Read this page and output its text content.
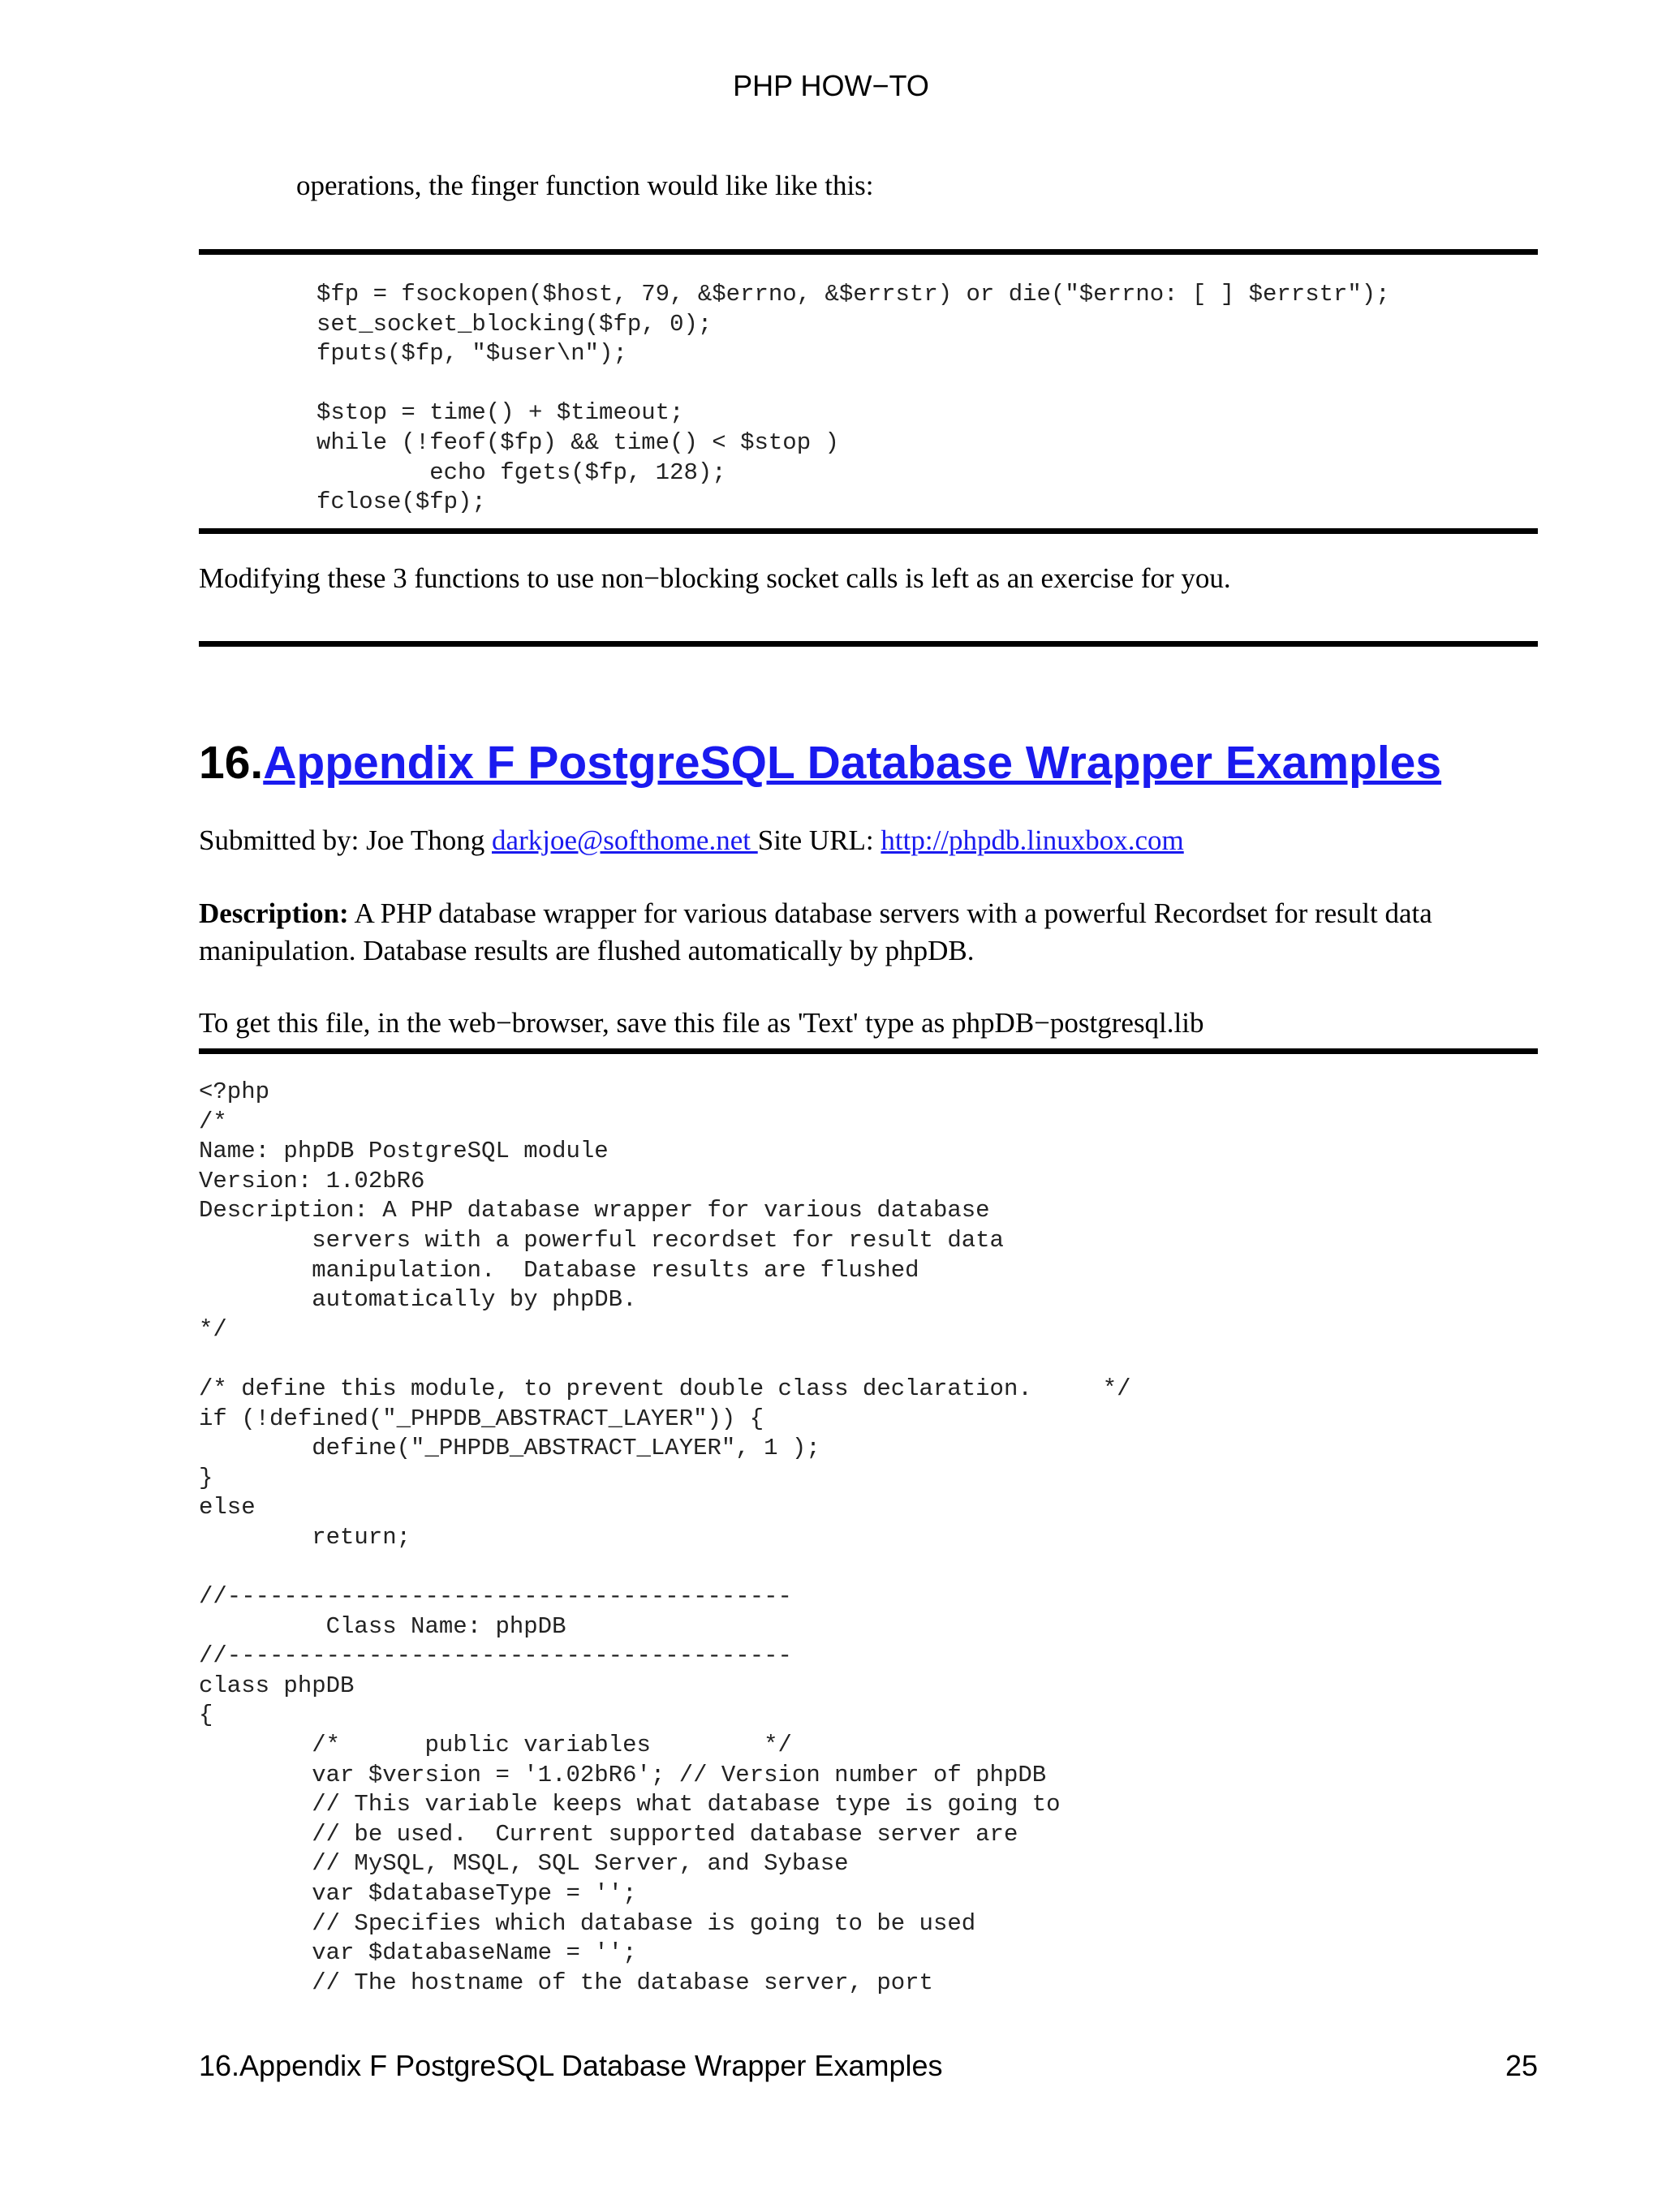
PHP HOW−TO
operations, the finger function would like like this:
$fp = fsockopen($host, 79, &$errno, &$errstr) or die("$errno: [ ] $errstr");
set_socket_blocking($fp, 0);
fputs($fp, "$user\n");

$stop = time() + $timeout;
while (!feof($fp) && time() < $stop )
echo fgets($fp, 128);
fclose($fp);
Modifying these 3 functions to use non−blocking socket calls is left as an exercise for you.
16.Appendix F PostgreSQL Database Wrapper Examples
Submitted by: Joe Thong darkjoe@softhome.net Site URL: http://phpdb.linuxbox.com
Description: A PHP database wrapper for various database servers with a powerful Recordset for result data
manipulation. Database results are flushed automatically by phpDB.
To get this file, in the web−browser, save this file as 'Text' type as phpDB−postgresql.lib
<?php
/*
Name: phpDB PostgreSQL module
Version: 1.02bR6
Description: A PHP database wrapper for various database
servers with a powerful recordset for result data
manipulation.  Database results are flushed
automatically by phpDB.
*/

/* define this module, to prevent double class declaration.     */
if (!defined("_PHPDB_ABSTRACT_LAYER")) {
define("_PHPDB_ABSTRACT_LAYER", 1 );
}
else
return;

//----------------------------------------
Class Name: phpDB
//----------------------------------------
class phpDB
{
/*      public variables        */
var $version = '1.02bR6'; // Version number of phpDB
// This variable keeps what database type is going to
// be used.  Current supported database server are
// MySQL, MSQL, SQL Server, and Sybase
var $databaseType = '';
// Specifies which database is going to be used
var $databaseName = '';
// The hostname of the database server, port
16.Appendix F PostgreSQL Database Wrapper Examples	25
